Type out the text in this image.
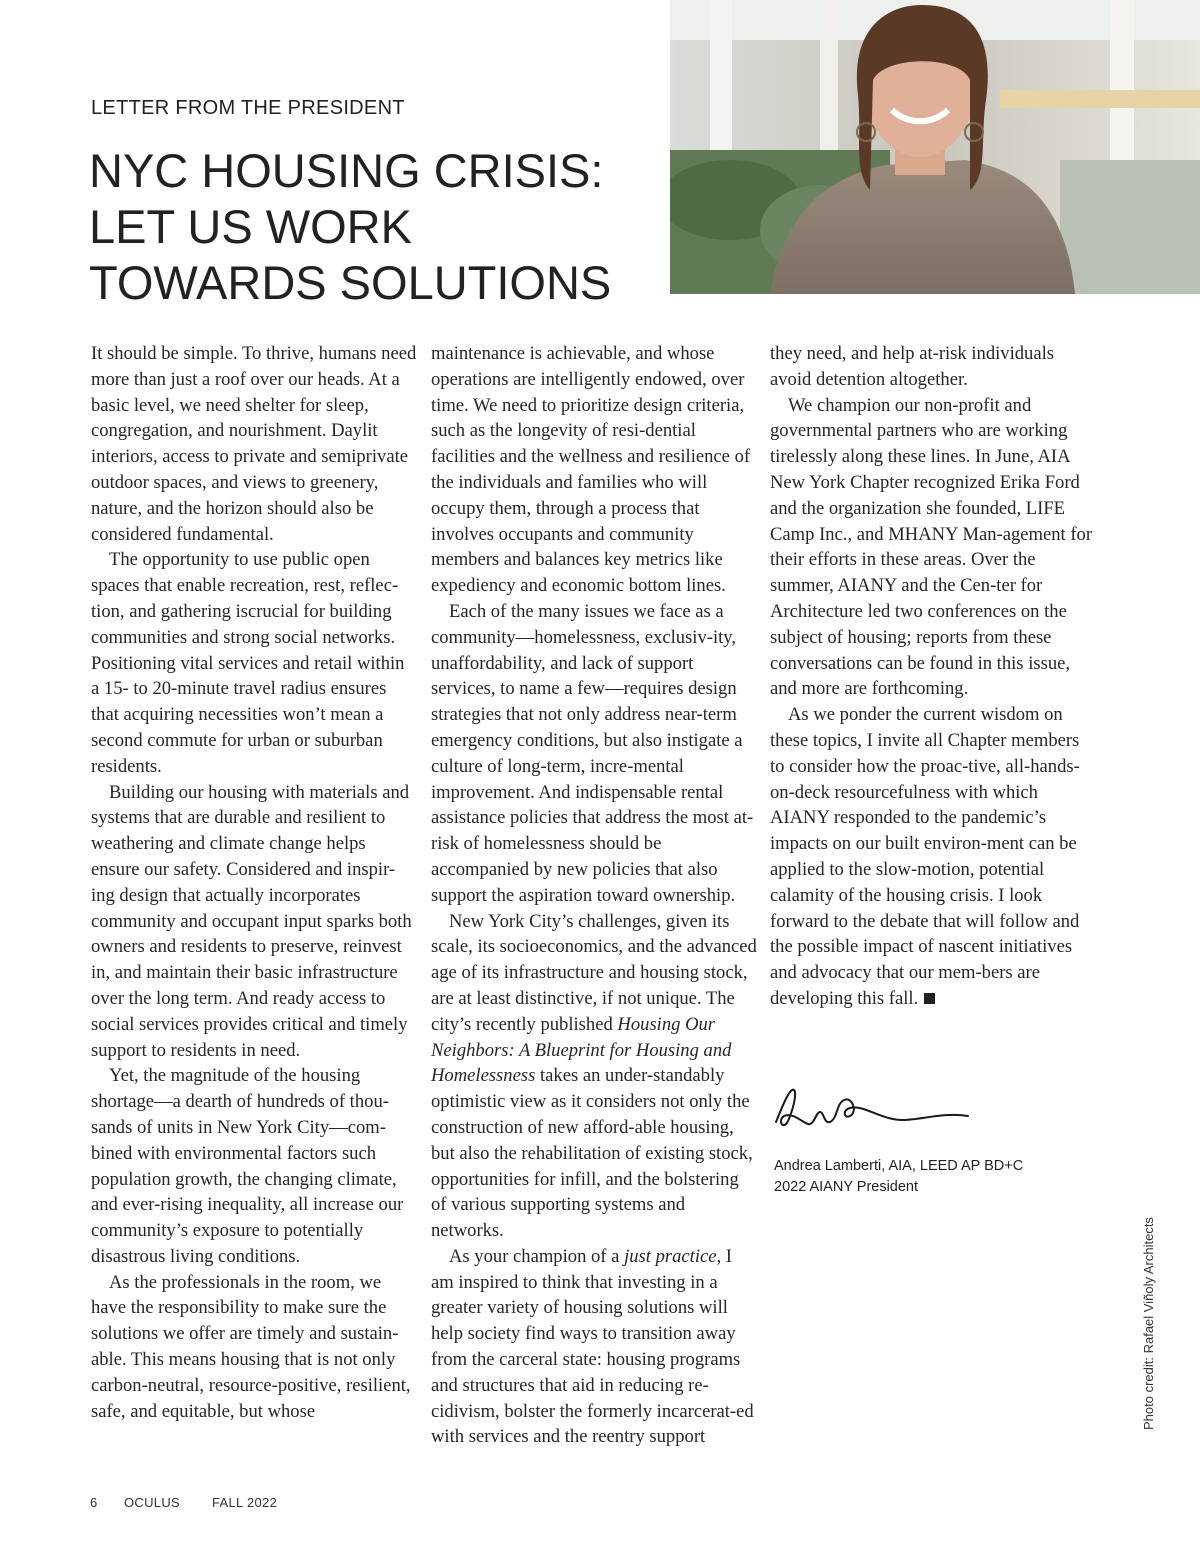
LETTER FROM THE PRESIDENT
NYC HOUSING CRISIS:
LET US WORK
TOWARDS SOLUTIONS

It should be simple. To thrive, humans need more than just a roof over our heads. At a basic level, we need shelter for sleep, congregation, and nourishment. Daylit interiors, access to private and semiprivate outdoor spaces, and views to greenery, nature, and the horizon should also be considered fundamental.

The opportunity to use public open spaces that enable recreation, rest, reflec-tion, and gathering iscrucial for building communities and strong social networks. Positioning vital services and retail within a 15- to 20-minute travel radius ensures that acquiring necessities won’t mean a second commute for urban or suburban residents.

Building our housing with materials and systems that are durable and resilient to weathering and climate change helps ensure our safety. Considered and inspir-ing design that actually incorporates community and occupant input sparks both owners and residents to preserve, reinvest in, and maintain their basic infrastructure over the long term. And ready access to social services provides critical and timely support to residents in need.

Yet, the magnitude of the housing shortage—a dearth of hundreds of thou-sands of units in New York City—com-bined with environmental factors such population growth, the changing climate, and ever-rising inequality, all increase our community’s exposure to potentially disastrous living conditions.

As the professionals in the room, we have the responsibility to make sure the solutions we offer are timely and sustain-able. This means housing that is not only carbon-neutral, resource-positive, resilient, safe, and equitable, but whose

maintenance is achievable, and whose operations are intelligently endowed, over time. We need to prioritize design criteria, such as the longevity of resi-dential facilities and the wellness and resilience of the individuals and families who will occupy them, through a process that involves occupants and community members and balances key metrics like expediency and economic bottom lines.

Each of the many issues we face as a community—homelessness, exclusiv-ity, unaffordability, and lack of support services, to name a few—requires design strategies that not only address near-term emergency conditions, but also instigate a culture of long-term, incre-mental improvement. And indispensable rental assistance policies that address the most at-risk of homelessness should be accompanied by new policies that also support the aspiration toward ownership.

New York City’s challenges, given its scale, its socioeconomics, and the advanced age of its infrastructure and housing stock, are at least distinctive, if not unique. The city’s recently published Housing Our Neighbors: A Blueprint for Housing and Homelessness takes an under-standably optimistic view as it considers not only the construction of new afford-able housing, but also the rehabilitation of existing stock, opportunities for infill, and the bolstering of various supporting systems and networks.

As your champion of a just practice, I am inspired to think that investing in a greater variety of housing solutions will help society find ways to transition away from the carceral state: housing programs and structures that aid in reducing re-cidivism, bolster the formerly incarcerat-ed with services and the reentry support

they need, and help at-risk individuals avoid detention altogether.

We champion our non-profit and governmental partners who are working tirelessly along these lines. In June, AIA New York Chapter recognized Erika Ford and the organization she founded, LIFE Camp Inc., and MHANY Man-agement for their efforts in these areas. Over the summer, AIANY and the Cen-ter for Architecture led two conferences on the subject of housing; reports from these conversations can be found in this issue, and more are forthcoming.

As we ponder the current wisdom on these topics, I invite all Chapter members to consider how the proac-tive, all-hands-on-deck resourcefulness with which AIANY responded to the pandemic’s impacts on our built environ-ment can be applied to the slow-motion, potential calamity of the housing crisis. I look forward to the debate that will follow and the possible impact of nascent initiatives and advocacy that our mem-bers are developing this fall.

Andrea Lamberti, AIA, LEED AP BD+C
2022 AIANY President
Photo credit: Rafael Viñoly Architects
6 OCULUS FALL 2022
